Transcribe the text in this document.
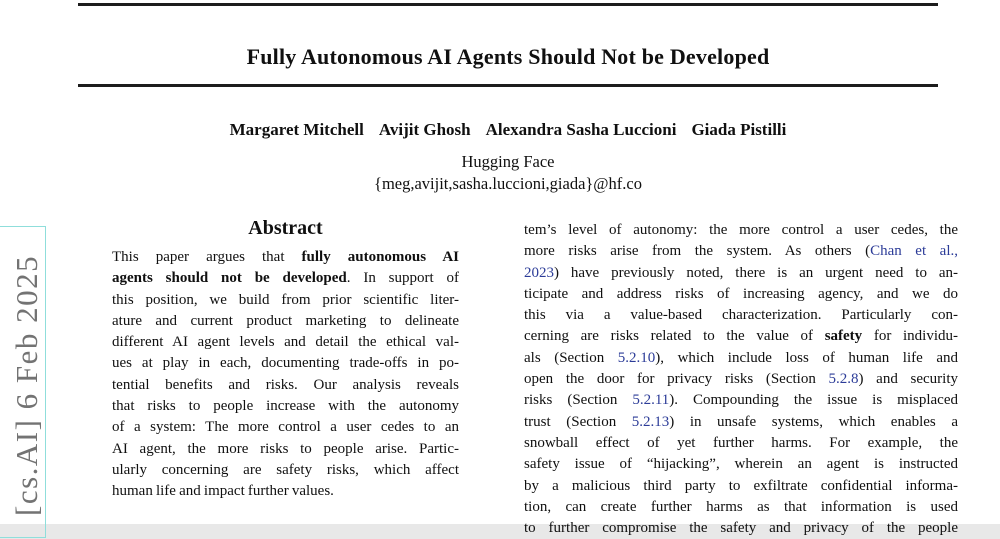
Fully Autonomous AI Agents Should Not be Developed
Margaret Mitchell Avijit Ghosh Alexandra Sasha Luccioni Giada Pistilli
Hugging Face
{meg,avijit,sasha.luccioni,giada}@hf.co
[cs.AI] 6 Feb 2025
Abstract
This paper argues that fully autonomous AI
agents should not be developed. In support of
this position, we build from prior scientific liter-
ature and current product marketing to delineate
different AI agent levels and detail the ethical val-
ues at play in each, documenting trade-offs in po-
tential benefits and risks. Our analysis reveals
that risks to people increase with the autonomy
of a system: The more control a user cedes to an
AI agent, the more risks to people arise. Partic-
ularly concerning are safety risks, which affect
human life and impact further values.
tem’s level of autonomy: the more control a user cedes, the
more risks arise from the system. As others (Chan et al.,
2023) have previously noted, there is an urgent need to an-
ticipate and address risks of increasing agency, and we do
this via a value-based characterization. Particularly con-
cerning are risks related to the value of safety for individu-
als (Section 5.2.10), which include loss of human life and
open the door for privacy risks (Section 5.2.8) and security
risks (Section 5.2.11). Compounding the issue is misplaced
trust (Section 5.2.13) in unsafe systems, which enables a
snowball effect of yet further harms. For example, the
safety issue of “hijacking”, wherein an agent is instructed
by a malicious third party to exfiltrate confidential informa-
tion, can create further harms as that information is used
to further compromise the safety and privacy of the people
